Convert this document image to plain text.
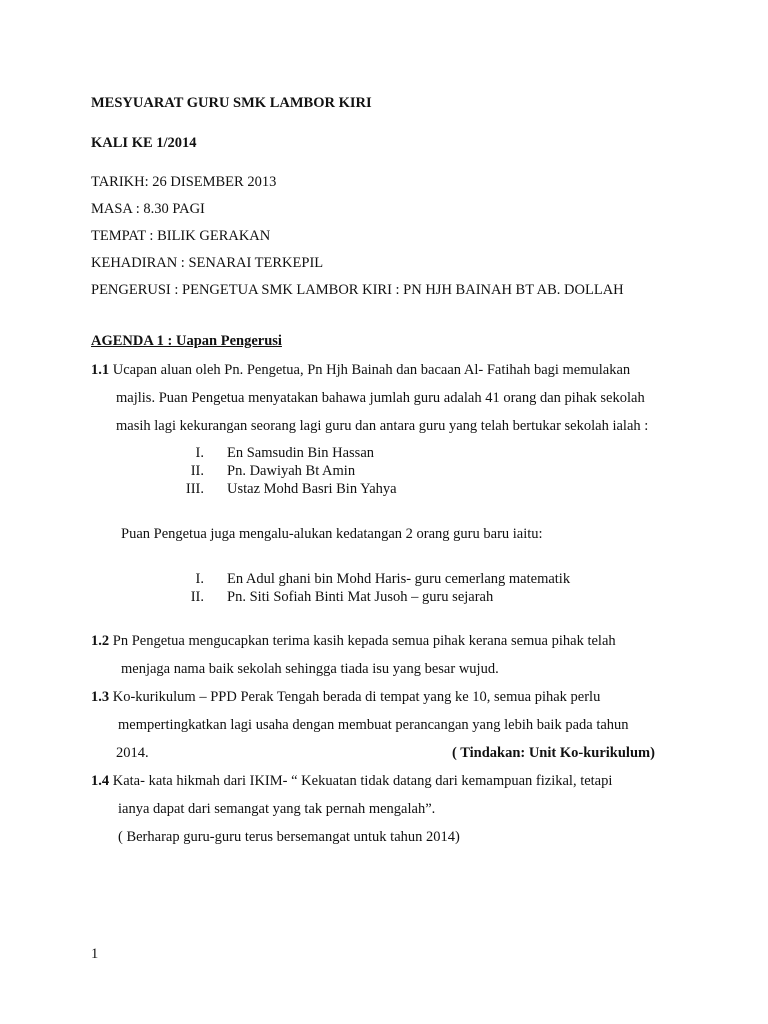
MESYUARAT GURU SMK LAMBOR KIRI
KALI KE 1/2014
TARIKH: 26 DISEMBER 2013
MASA : 8.30 PAGI
TEMPAT : BILIK GERAKAN
KEHADIRAN : SENARAI TERKEPIL
PENGERUSI : PENGETUA SMK LAMBOR KIRI : PN HJH BAINAH BT AB. DOLLAH
AGENDA 1 : Uapan Pengerusi
1.1 Ucapan aluan oleh Pn. Pengetua, Pn Hjh Bainah dan bacaan Al- Fatihah bagi memulakan
majlis. Puan Pengetua menyatakan bahawa jumlah guru adalah 41 orang dan pihak sekolah
masih lagi kekurangan seorang lagi guru dan antara guru yang telah bertukar sekolah ialah :
I. En Samsudin Bin Hassan
II. Pn. Dawiyah Bt Amin
III. Ustaz Mohd Basri Bin Yahya
Puan Pengetua juga mengalu-alukan kedatangan 2 orang guru baru iaitu:
I. En Adul ghani bin Mohd Haris- guru cemerlang matematik
II. Pn. Siti Sofiah Binti Mat Jusoh – guru sejarah
1.2 Pn Pengetua mengucapkan terima kasih kepada semua pihak kerana semua pihak telah
menjaga nama baik sekolah sehingga tiada isu yang besar wujud.
1.3 Ko-kurikulum – PPD Perak Tengah berada di tempat yang ke 10, semua pihak perlu
mempertingkatkan lagi usaha dengan membuat perancangan yang lebih baik pada tahun
2014.	( Tindakan: Unit Ko-kurikulum)
1.4 Kata- kata hikmah dari IKIM- “ Kekuatan tidak datang dari kemampuan fizikal, tetapi
ianya dapat dari semangat yang tak pernah mengalah”.
( Berharap guru-guru terus bersemangat untuk tahun 2014)
1
